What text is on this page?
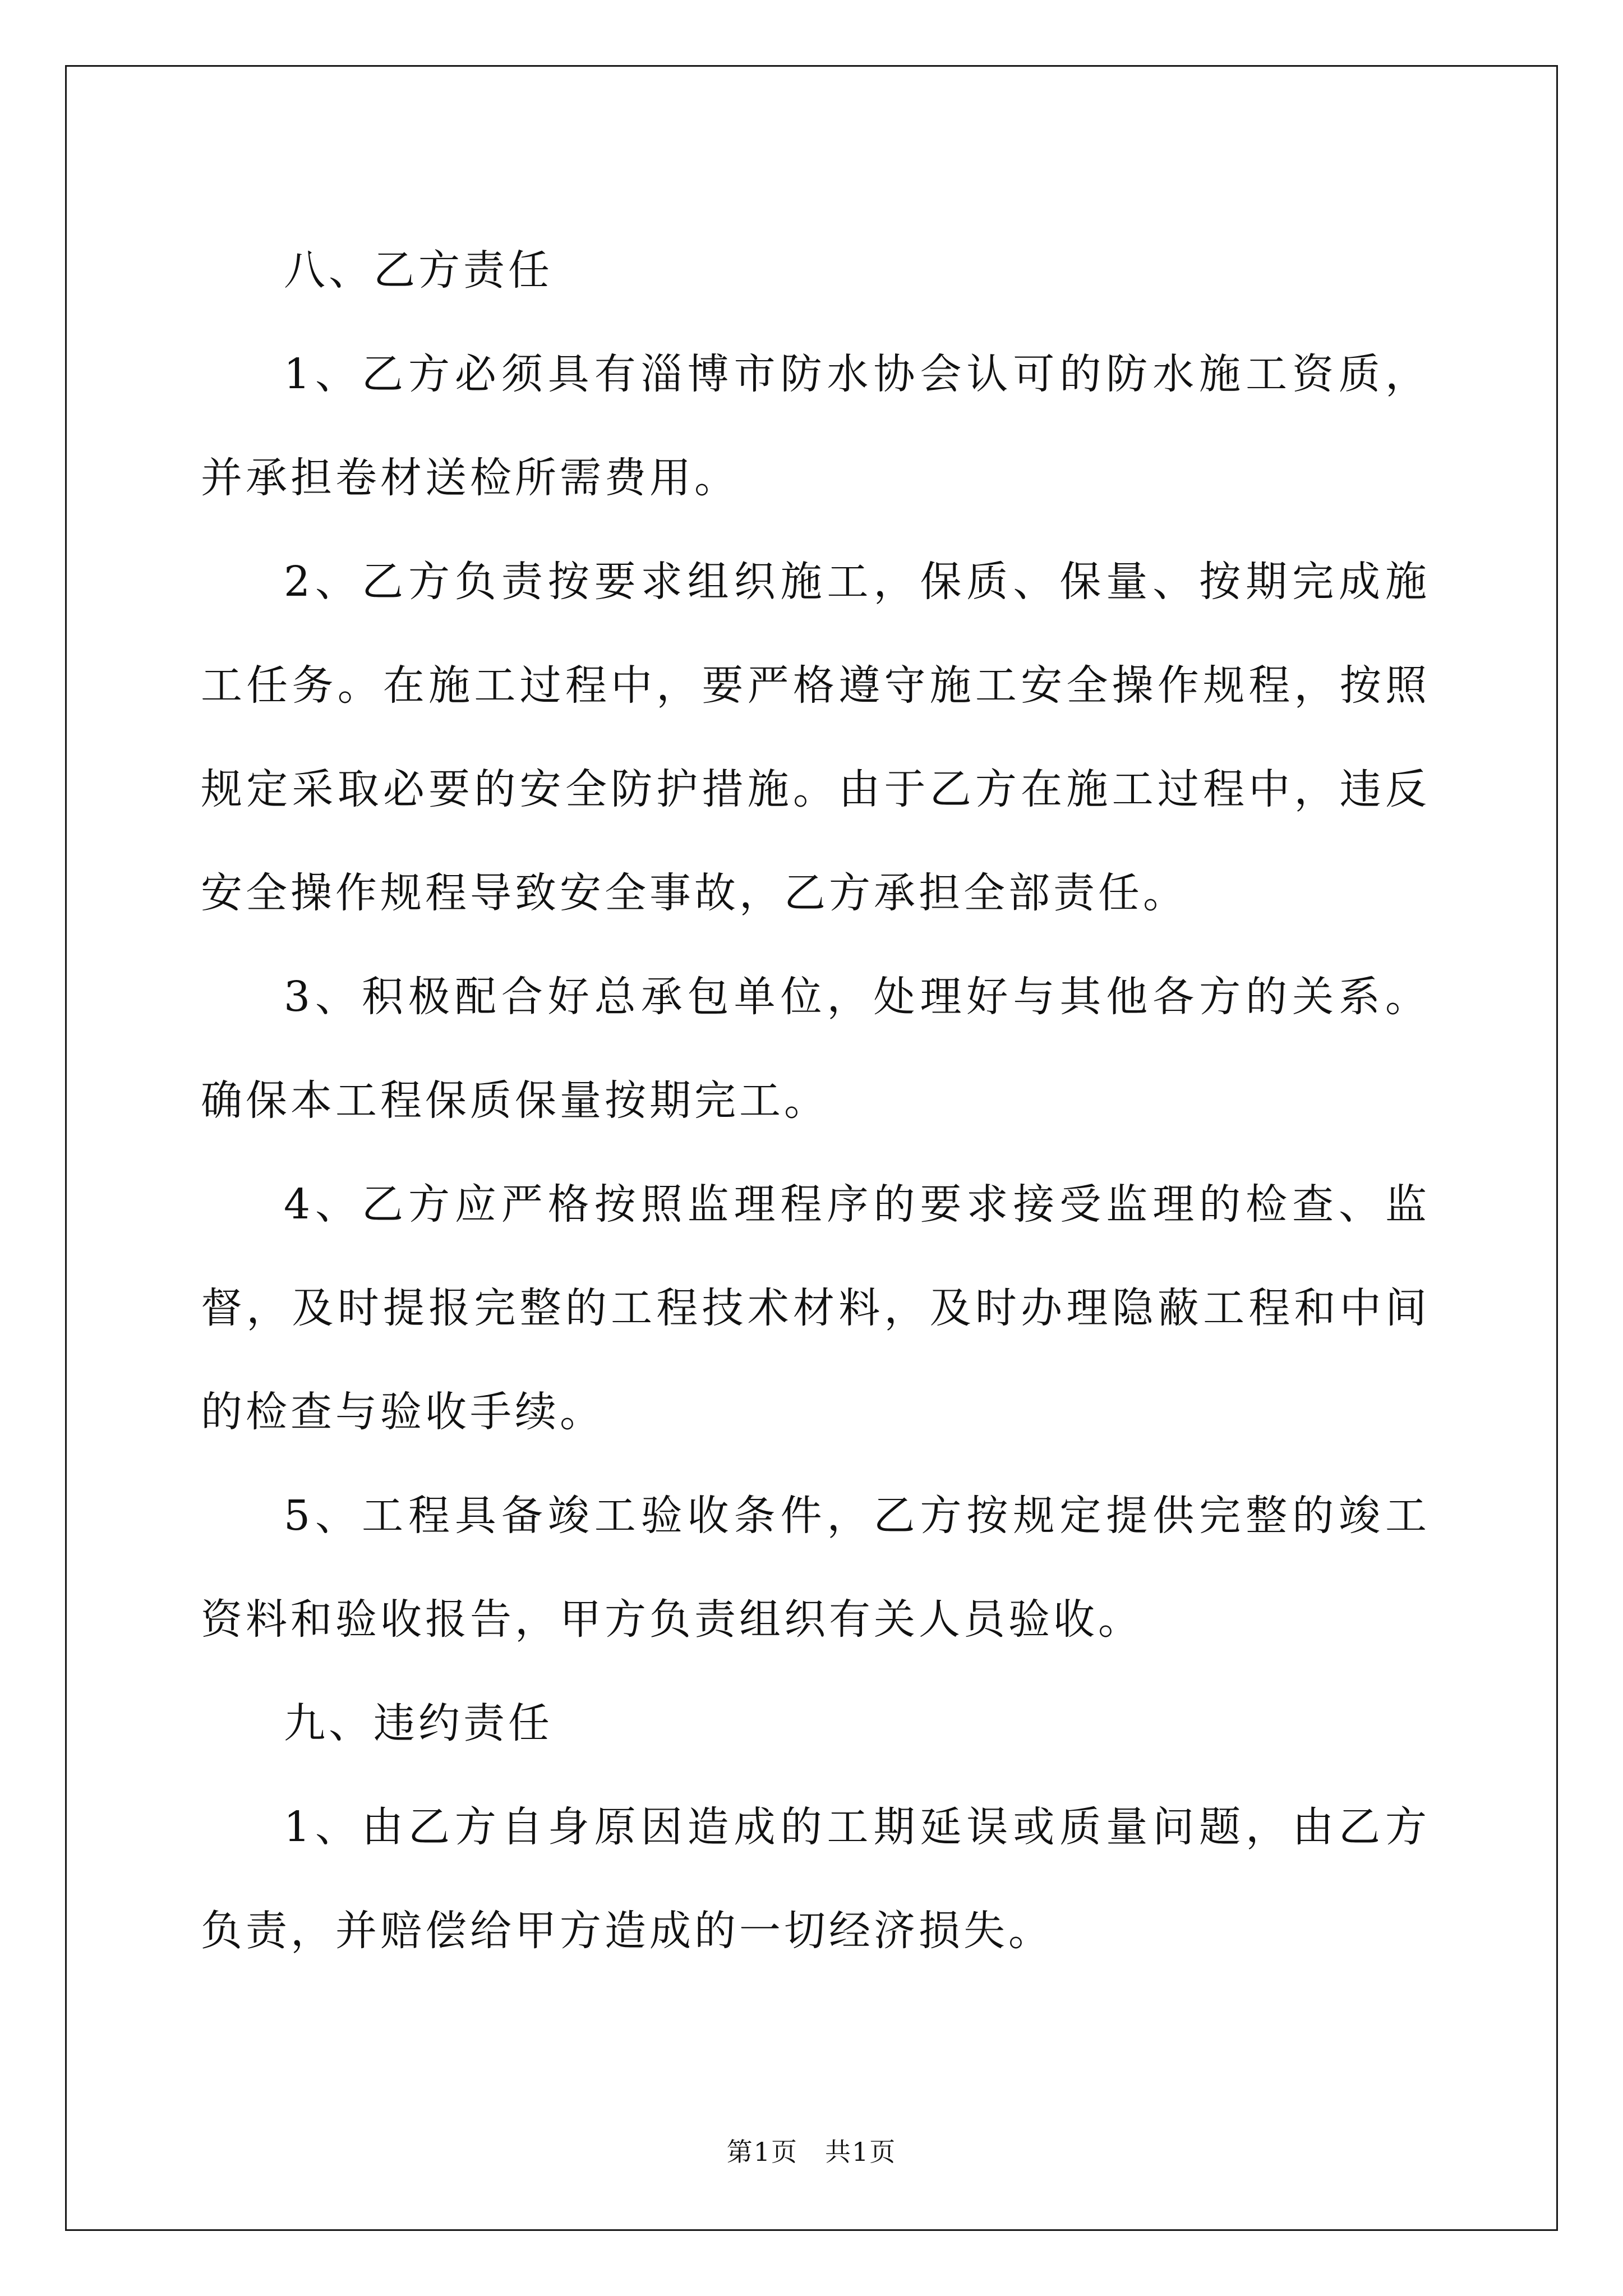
八、乙方责任

1、乙方必须具有淄博市防水协会认可的防水施工资质，并承担卷材送检所需费用。

2、乙方负责按要求组织施工，保质、保量、按期完成施工任务。在施工过程中，要严格遵守施工安全操作规程，按照规定采取必要的安全防护措施。由于乙方在施工过程中，违反安全操作规程导致安全事故，乙方承担全部责任。

3、积极配合好总承包单位，处理好与其他各方的关系。确保本工程保质保量按期完工。

4、乙方应严格按照监理程序的要求接受监理的检查、监督，及时提报完整的工程技术材料，及时办理隐蔽工程和中间的检查与验收手续。

5、工程具备竣工验收条件，乙方按规定提供完整的竣工资料和验收报告，甲方负责组织有关人员验收。

九、违约责任

1、由乙方自身原因造成的工期延误或质量问题，由乙方负责，并赔偿给甲方造成的一切经济损失。

第1页　共1页
